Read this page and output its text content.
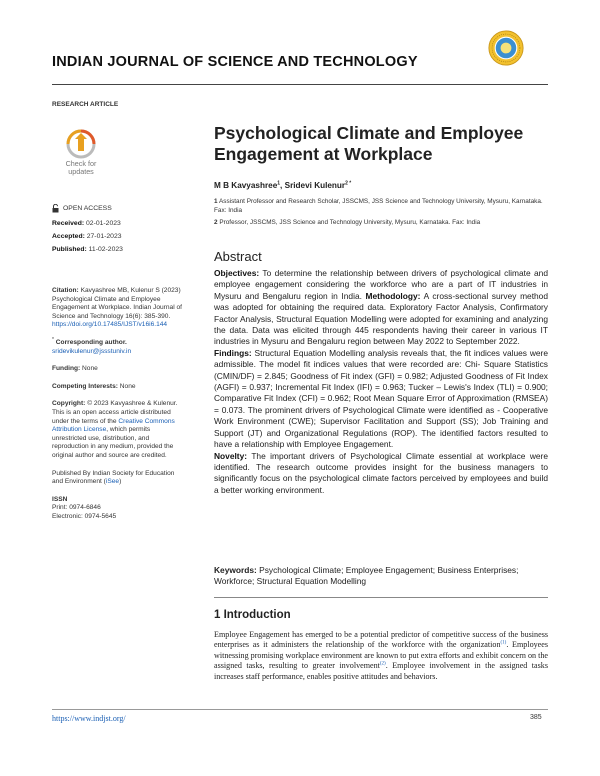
INDIAN JOURNAL OF SCIENCE AND TECHNOLOGY
RESEARCH ARTICLE
Check for
updates
OPEN ACCESS
Received: 02-01-2023
Accepted: 27-01-2023
Published: 11-02-2023

Citation: Kavyashree MB, Kulenur S (2023) Psychological Climate and Employee Engagement at Workplace. Indian Journal of Science and Technology 16(6): 385-390. https://doi.org/10.17485/IJST/v16i6.144

* Corresponding author.
sridevikulenur@jssstuniv.in

Funding: None

Competing Interests: None

Copyright: © 2023 Kavyashree & Kulenur. This is an open access article distributed under the terms of the Creative Commons Attribution License, which permits unrestricted use, distribution, and reproduction in any medium, provided the original author and source are credited.

Published By Indian Society for Education and Environment (iSee)

ISSN
Print: 0974-6846
Electronic: 0974-5645

Psychological Climate and Employee Engagement at Workplace
M B Kavyashree$^1$, Sridevi Kulenur$^{2 *}$
1 Assistant Professor and Research Scholar, JSSCMS, JSS Science and Technology University, Mysuru, Karnataka. Fax: India
2 Professor, JSSCMS, JSS Science and Technology University, Mysuru, Karnataka. Fax: India
Abstract

Objectives: To determine the relationship between drivers of psychological climate and employee engagement considering the workforce who are a part of IT industries in Mysuru and Bengaluru region in India. Methodology: A cross-sectional survey method was adopted for obtaining the required data. Exploratory Factor Analysis, Confirmatory Factor Analysis, Structural Equation Modelling were adopted for examining and analyzing the data. Data was elicited through 445 respondents having their career in various IT industries in Mysuru and Bengaluru region between May 2022 to September 2022.

Findings: Structural Equation Modelling analysis reveals that, the fit indices values were admissible. The model fit indices values that were recorded are: Chi- Square Statistics (CMIN/DF) = 2.845; Goodness of Fit index (GFI) = 0.982; Adjusted Goodness of Fit Index (AGFI) = 0.937; Incremental Fit Index (IFI) = 0.963; Tucker – Lewis's Index (TLI) = 0.900; Comparative Fit Index (CFI) = 0.962; Root Mean Square Error of Approximation (RMSEA) = 0.073. The prominent drivers of Psychological Climate were identified as - Cooperative Work Environment (CWE); Supervisor Facilitation and Support (SS); Job Training and Support (JT) and Organizational Regulations (ROP). The identified factors resulted to have a relationship with Employee Engagement.

Novelty: The important drivers of Psychological Climate essential at workplace were identified. The research outcome provides insight for the business managers to significantly focus on the psychological climate factors perceived by employees and build a better working environment.

Keywords: Psychological Climate; Employee Engagement; Business Enterprises; Workforce; Structural Equation Modelling
1 Introduction
Employee Engagement has emerged to be a potential predictor of competitive success of the business enterprises as it administers the relationship of the workforce with the organization$^{(1)}$. Employees witnessing promising workplace environment are known to put extra efforts and exhibit concern on the assigned tasks, resulting to greater involvement$^{(2)}$. Employee involvement in the assigned tasks increases staff performance, enables positive attitudes and behaviors.
https://www.indjst.org/	385
